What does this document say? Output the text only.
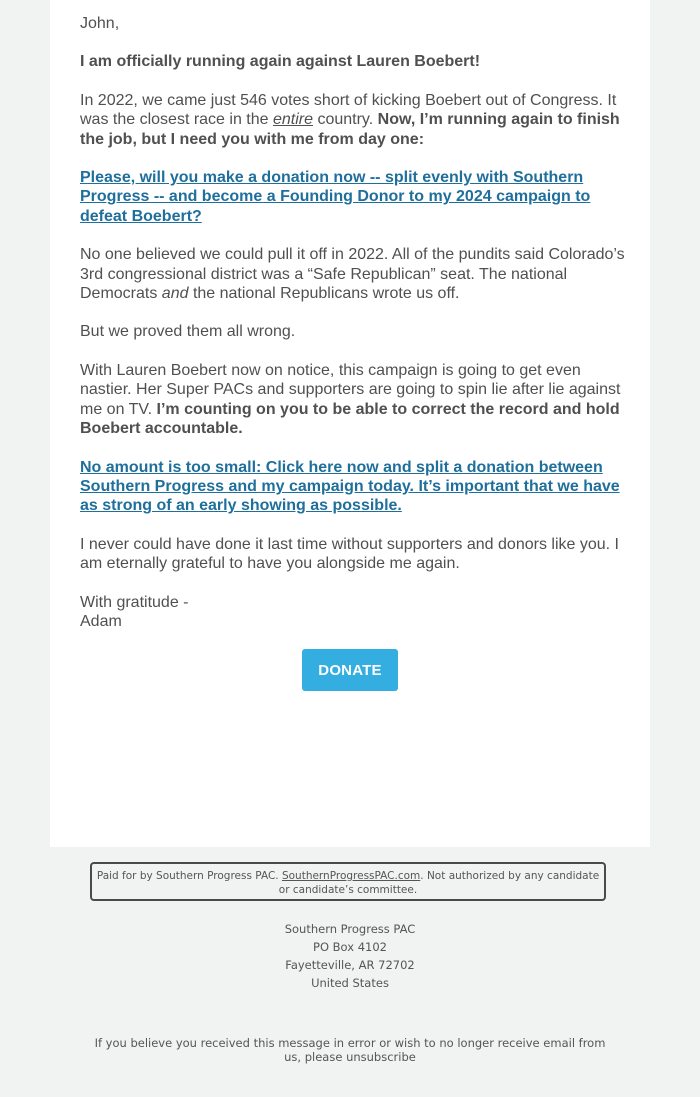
John,

I am officially running again against Lauren Boebert!

In 2022, we came just 546 votes short of kicking Boebert out of Congress. It was the closest race in the entire country. Now, I’m running again to finish the job, but I need you with me from day one:

Please, will you make a donation now -- split evenly with Southern Progress -- and become a Founding Donor to my 2024 campaign to defeat Boebert?

No one believed we could pull it off in 2022. All of the pundits said Colorado’s 3rd congressional district was a “Safe Republican” seat. The national Democrats and the national Republicans wrote us off.

But we proved them all wrong.

With Lauren Boebert now on notice, this campaign is going to get even nastier. Her Super PACs and supporters are going to spin lie after lie against me on TV. I’m counting on you to be able to correct the record and hold Boebert accountable.

No amount is too small: Click here now and split a donation between Southern Progress and my campaign today. It’s important that we have as strong of an early showing as possible.

I never could have done it last time without supporters and donors like you. I am eternally grateful to have you alongside me again.

With gratitude -

Adam

DONATE
Paid for by Southern Progress PAC. SouthernProgressPAC.com. Not authorized by any candidate or candidate’s committee.
Southern Progress PAC
PO Box 4102
Fayetteville, AR 72702
United States
If you believe you received this message in error or wish to no longer receive email from us, please unsubscribe
